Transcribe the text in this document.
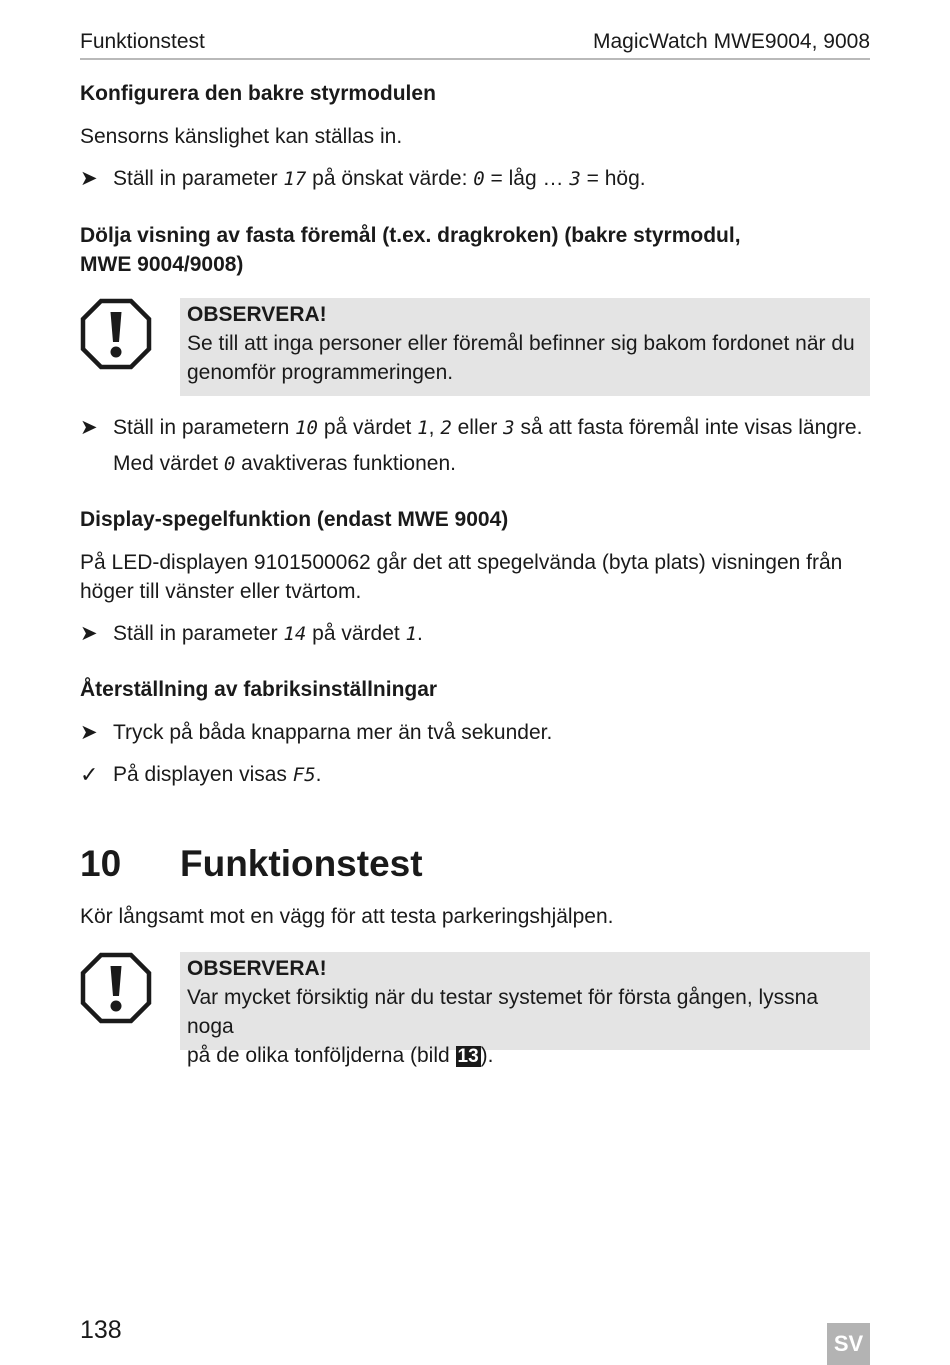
Funktionstest	MagicWatch MWE9004, 9008
Konfigurera den bakre styrmodulen
Sensorns känslighet kan ställas in.
➤ Ställ in parameter 17 på önskat värde: 0 = låg … 3 = hög.
Dölja visning av fasta föremål (t.ex. dragkroken) (bakre styrmodul,
MWE 9004/9008)
OBSERVERA!
Se till att inga personer eller föremål befinner sig bakom fordonet när du
genomför programmeringen.
➤ Ställ in parametern 10 på värdet 1, 2 eller 3 så att fasta föremål inte visas längre.
Med värdet 0 avaktiveras funktionen.
Display-spegelfunktion (endast MWE 9004)
På LED-displayen 9101500062 går det att spegelvända (byta plats) visningen från
höger till vänster eller tvärtom.
➤ Ställ in parameter 14 på värdet 1.
Återställning av fabriksinställningar
➤ Tryck på båda knapparna mer än två sekunder.
✓ På displayen visas F5.
10 Funktionstest
Kör långsamt mot en vägg för att testa parkeringshjälpen.
OBSERVERA!
Var mycket försiktig när du testar systemet för första gången, lyssna noga
på de olika tonföljderna (bild 13).
138	SV
